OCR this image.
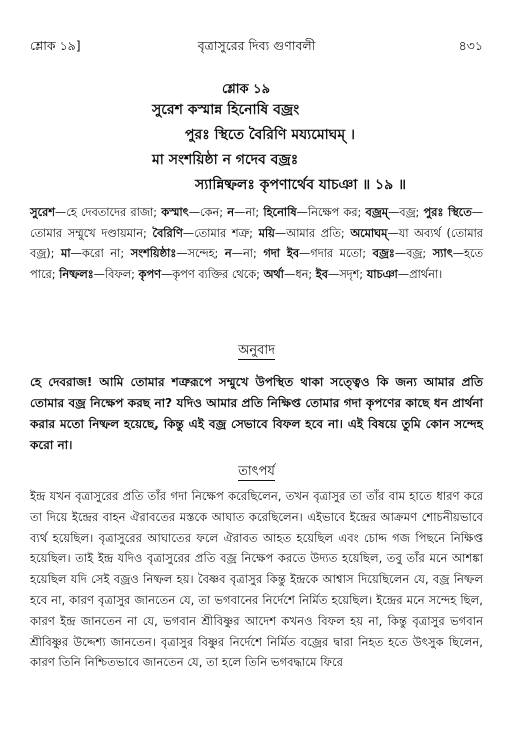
শ্লোক ১৯]	বৃত্রাসুরের দিব্য গুণাবলী	৪৩১
শ্লোক ১৯
সুরেশ কস্মান্ন হিনোষি বজ্রং
পুরঃ স্থিতে বৈরিণি ময্যমোঘম্ ।
মা সংশয়িষ্ঠা ন গদেব বজ্রঃ
স্যান্নিষ্ফলঃ কৃপণার্থেব যাচঞা ॥ ১৯ ॥

সুরেশ—হে দেবতাদের রাজা; কস্মাৎ—কেন; ন—না; হিনোষি—নিক্ষেপ কর; বজ্রম্—বজ্র; পুরঃ স্থিতে—তোমার সম্মুখে দণ্ডায়মান; বৈরিণি—তোমার শত্রু; ময়ি—আমার প্রতি; অমোঘম্—যা অব্যর্থ (তোমার বজ্র); মা—করো না; সংশয়িষ্ঠাঃ—সন্দেহ; ন—না; গদা ইব—গদার মতো; বজ্রঃ—বজ্র; স্যাৎ—হতে পারে; নিষ্ফলঃ—বিফল; কৃপণ—কৃপণ ব্যক্তির থেকে; অর্থা—ধন; ইব—সদৃশ; যাচঞা—প্রার্থনা।

অনুবাদ

হে দেবরাজ! আমি তোমার শত্রুরূপে সম্মুখে উপস্থিত থাকা সত্ত্বেও কি জন্য আমার প্রতি তোমার বজ্র নিক্ষেপ করছ না? যদিও আমার প্রতি নিক্ষিপ্ত তোমার গদা কৃপণের কাছে ধন প্রার্থনা করার মতো নিষ্ফল হয়েছে, কিন্তু এই বজ্র সেভাবে বিফল হবে না। এই বিষয়ে তুমি কোন সন্দেহ করো না।

তাৎপর্য

ইন্দ্র যখন বৃত্রাসুরের প্রতি তাঁর গদা নিক্ষেপ করেছিলেন, তখন বৃত্রাসুর তা তাঁর বাম হাতে ধারণ করে তা দিয়ে ইন্দ্রের বাহন ঐরাবতের মস্তকে আঘাত করেছিলেন। এইভাবে ইন্দ্রের আক্রমণ শোচনীয়ভাবে ব্যর্থ হয়েছিল। বৃত্রাসুরের আঘাতের ফলে ঐরাবত আহত হয়েছিল এবং চোদ্দ গজ পিছনে নিক্ষিপ্ত হয়েছিল। তাই ইন্দ্র যদিও বৃত্রাসুরের প্রতি বজ্র নিক্ষেপ করতে উদ্যত হয়েছিল, তবু তাঁর মনে আশঙ্কা হয়েছিল যদি সেই বজ্রও নিষ্ফল হয়। বৈষ্ণব বৃত্রাসুর কিন্তু ইন্দ্রকে আশ্বাস দিয়েছিলেন যে, বজ্র নিষ্ফল হবে না, কারণ বৃত্রাসুর জানতেন যে, তা ভগবানের নির্দেশে নির্মিত হয়েছিল। ইন্দ্রের মনে সন্দেহ ছিল, কারণ ইন্দ্র জানতেন না যে, ভগবান শ্রীবিষ্ণুর আদেশ কখনও বিফল হয় না, কিন্তু বৃত্রাসুর ভগবান শ্রীবিষ্ণুর উদ্দেশ্য জানতেন। বৃত্রাসুর বিষ্ণুর নির্দেশে নির্মিত বজ্রের দ্বারা নিহত হতে উৎসুক ছিলেন, কারণ তিনি নিশ্চিতভাবে জানতেন যে, তা হলে তিনি ভগবদ্ধামে ফিরে
